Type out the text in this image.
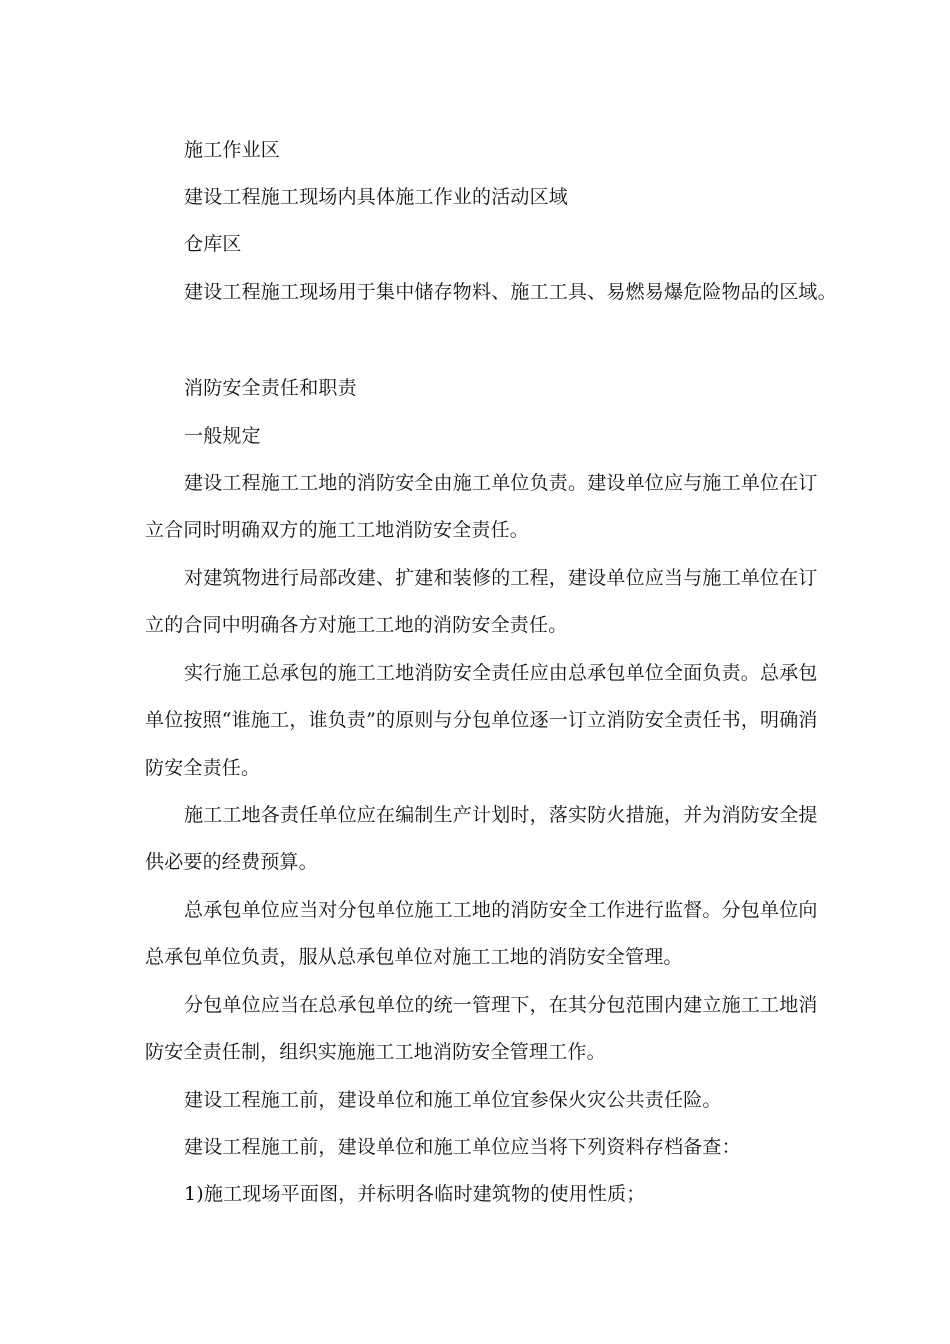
施工作业区
建设工程施工现场内具体施工作业的活动区域
仓库区
建设工程施工现场用于集中储存物料、施工工具、易燃易爆危险物品的区域。
消防安全责任和职责
一般规定
建设工程施工工地的消防安全由施工单位负责。建设单位应与施工单位在订
立合同时明确双方的施工工地消防安全责任。
对建筑物进行局部改建、扩建和装修的工程，建设单位应当与施工单位在订
立的合同中明确各方对施工工地的消防安全责任。
实行施工总承包的施工工地消防安全责任应由总承包单位全面负责。总承包
单位按照“谁施工，谁负责”的原则与分包单位逐一订立消防安全责任书，明确消
防安全责任。
施工工地各责任单位应在编制生产计划时，落实防火措施，并为消防安全提
供必要的经费预算。
总承包单位应当对分包单位施工工地的消防安全工作进行监督。分包单位向
总承包单位负责，服从总承包单位对施工工地的消防安全管理。
分包单位应当在总承包单位的统一管理下，在其分包范围内建立施工工地消
防安全责任制，组织实施施工工地消防安全管理工作。
建设工程施工前，建设单位和施工单位宜参保火灾公共责任险。
建设工程施工前，建设单位和施工单位应当将下列资料存档备查：
1)施工现场平面图，并标明各临时建筑物的使用性质；
